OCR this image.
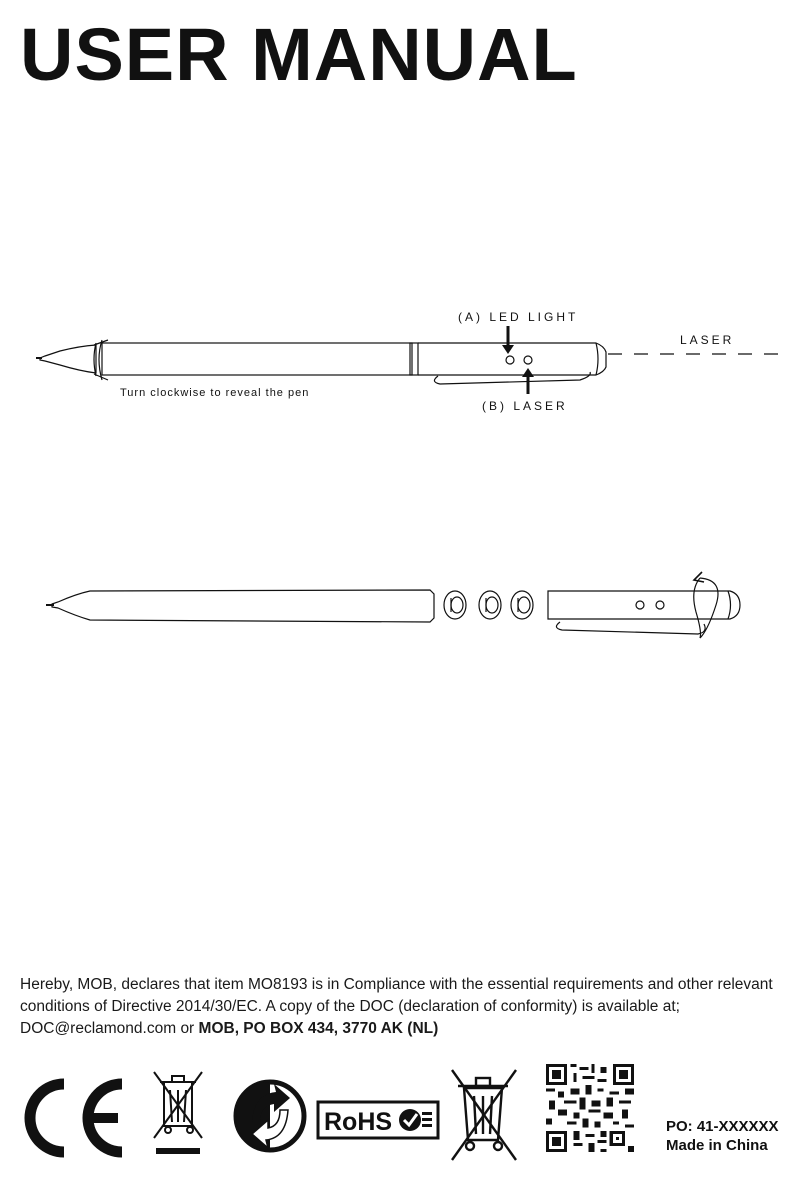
USER MANUAL
(A) LED LIGHT
LASER
(B) LASER
Turn clockwise to reveal the pen

Hereby, MOB, declares that item MO8193 is in Compliance with the essential requirements and other relevant conditions of Directive 2014/30/EC. A copy of the DOC (declaration of conformity) is available at; DOC@reclamond.com or MOB, PO BOX 434, 3770 AK (NL)

RoHS	PO: 41-XXXXXX
Made in China
